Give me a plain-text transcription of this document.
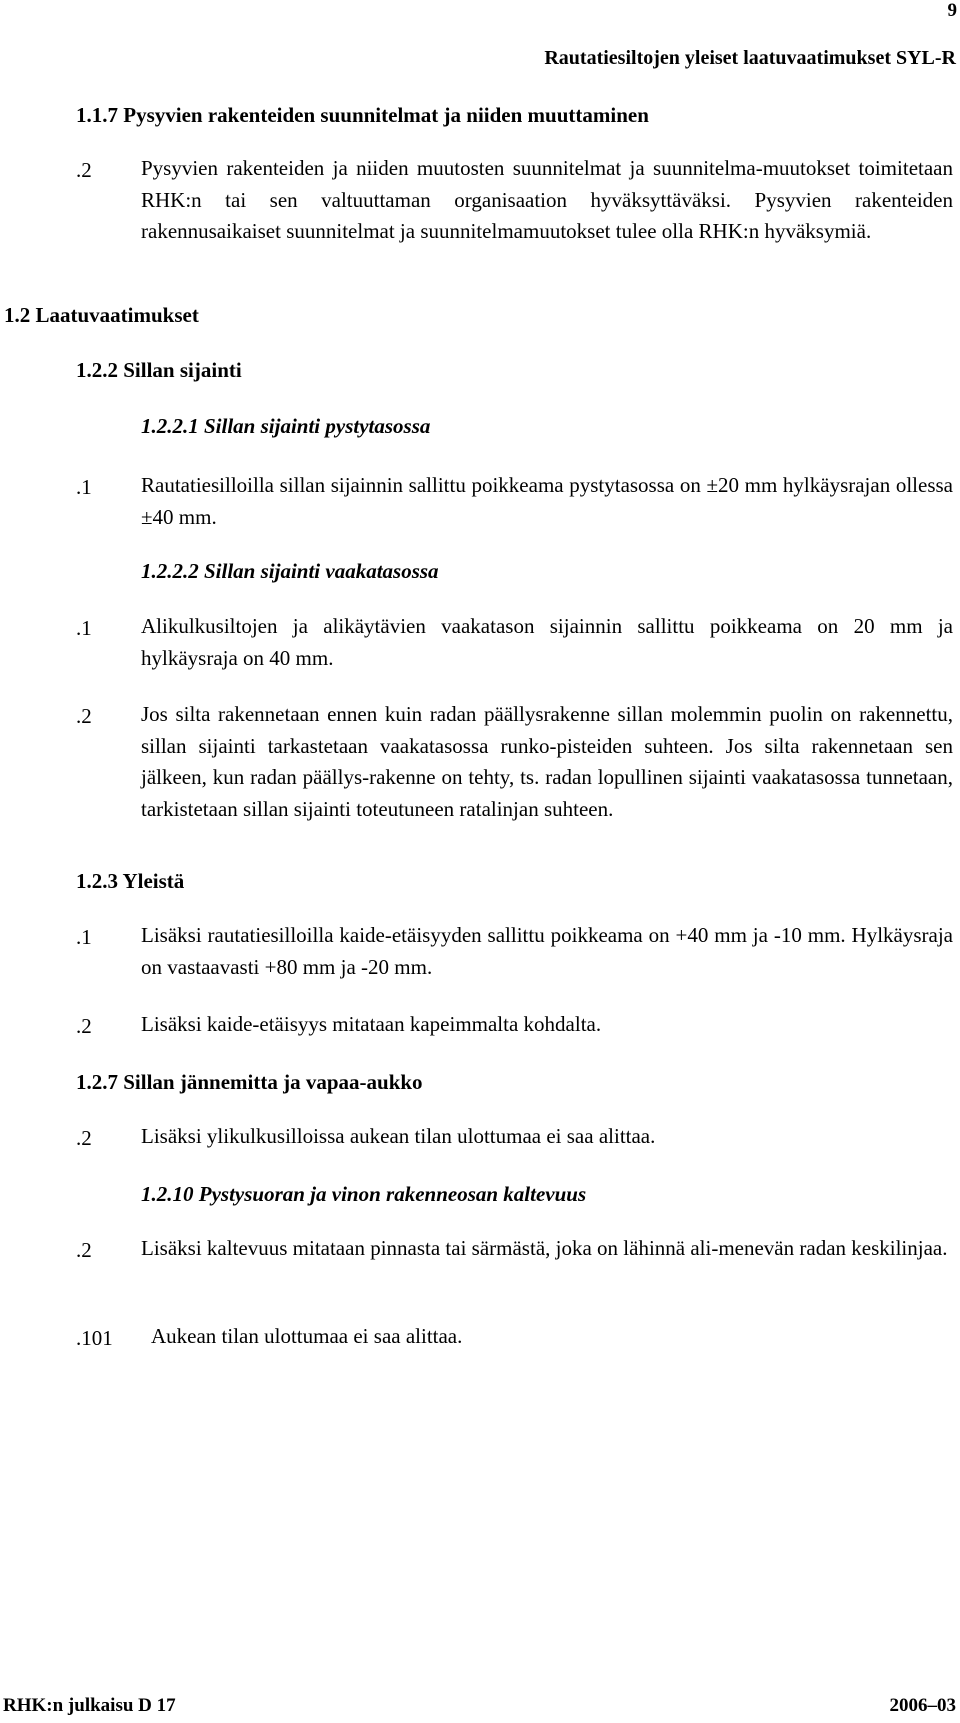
9
Rautatiesiltojen yleiset laatuvaatimukset SYL-R
1.1.7 Pysyvien rakenteiden suunnitelmat ja niiden muuttaminen
.2 Pysyvien rakenteiden ja niiden muutosten suunnitelmat ja suunnitelma-muutokset toimitetaan RHK:n tai sen valtuuttaman organisaation hyväksyttäväksi. Pysyvien rakenteiden rakennusaikaiset suunnitelmat ja suunnitelmamuutokset tulee olla RHK:n hyväksymiä.
1.2 Laatuvaatimukset
1.2.2 Sillan sijainti
1.2.2.1 Sillan sijainti pystytasossa
.1 Rautatiesilloilla sillan sijainnin sallittu poikkeama pystytasossa on ±20 mm hylkäysrajan ollessa ±40 mm.
1.2.2.2 Sillan sijainti vaakatasossa
.1 Alikulkusiltojen ja alikäytävien vaakatason sijainnin sallittu poikkeama on 20 mm ja hylkäysraja on 40 mm.
.2 Jos silta rakennetaan ennen kuin radan päällysrakenne sillan molemmin puolin on rakennettu, sillan sijainti tarkastetaan vaakatasossa runko-pisteiden suhteen. Jos silta rakennetaan sen jälkeen, kun radan päällys-rakenne on tehty, ts. radan lopullinen sijainti vaakatasossa tunnetaan, tarkistetaan sillan sijainti toteutuneen ratalinjan suhteen.
1.2.3 Yleistä
.1 Lisäksi rautatiesilloilla kaide-etäisyyden sallittu poikkeama on +40 mm ja -10 mm. Hylkäysraja on vastaavasti +80 mm ja -20 mm.
.2 Lisäksi kaide-etäisyys mitataan kapeimmalta kohdalta.
1.2.7 Sillan jännemitta ja vapaa-aukko
.2 Lisäksi ylikulkusilloissa aukean tilan ulottumaa ei saa alittaa.
1.2.10 Pystysuoran ja vinon rakenneosan kaltevuus
.2 Lisäksi kaltevuus mitataan pinnasta tai särmästä, joka on lähinnä ali-menevän radan keskilinjaa.
.101 Aukean tilan ulottumaa ei saa alittaa.
RHK:n julkaisu D 17	2006–03
